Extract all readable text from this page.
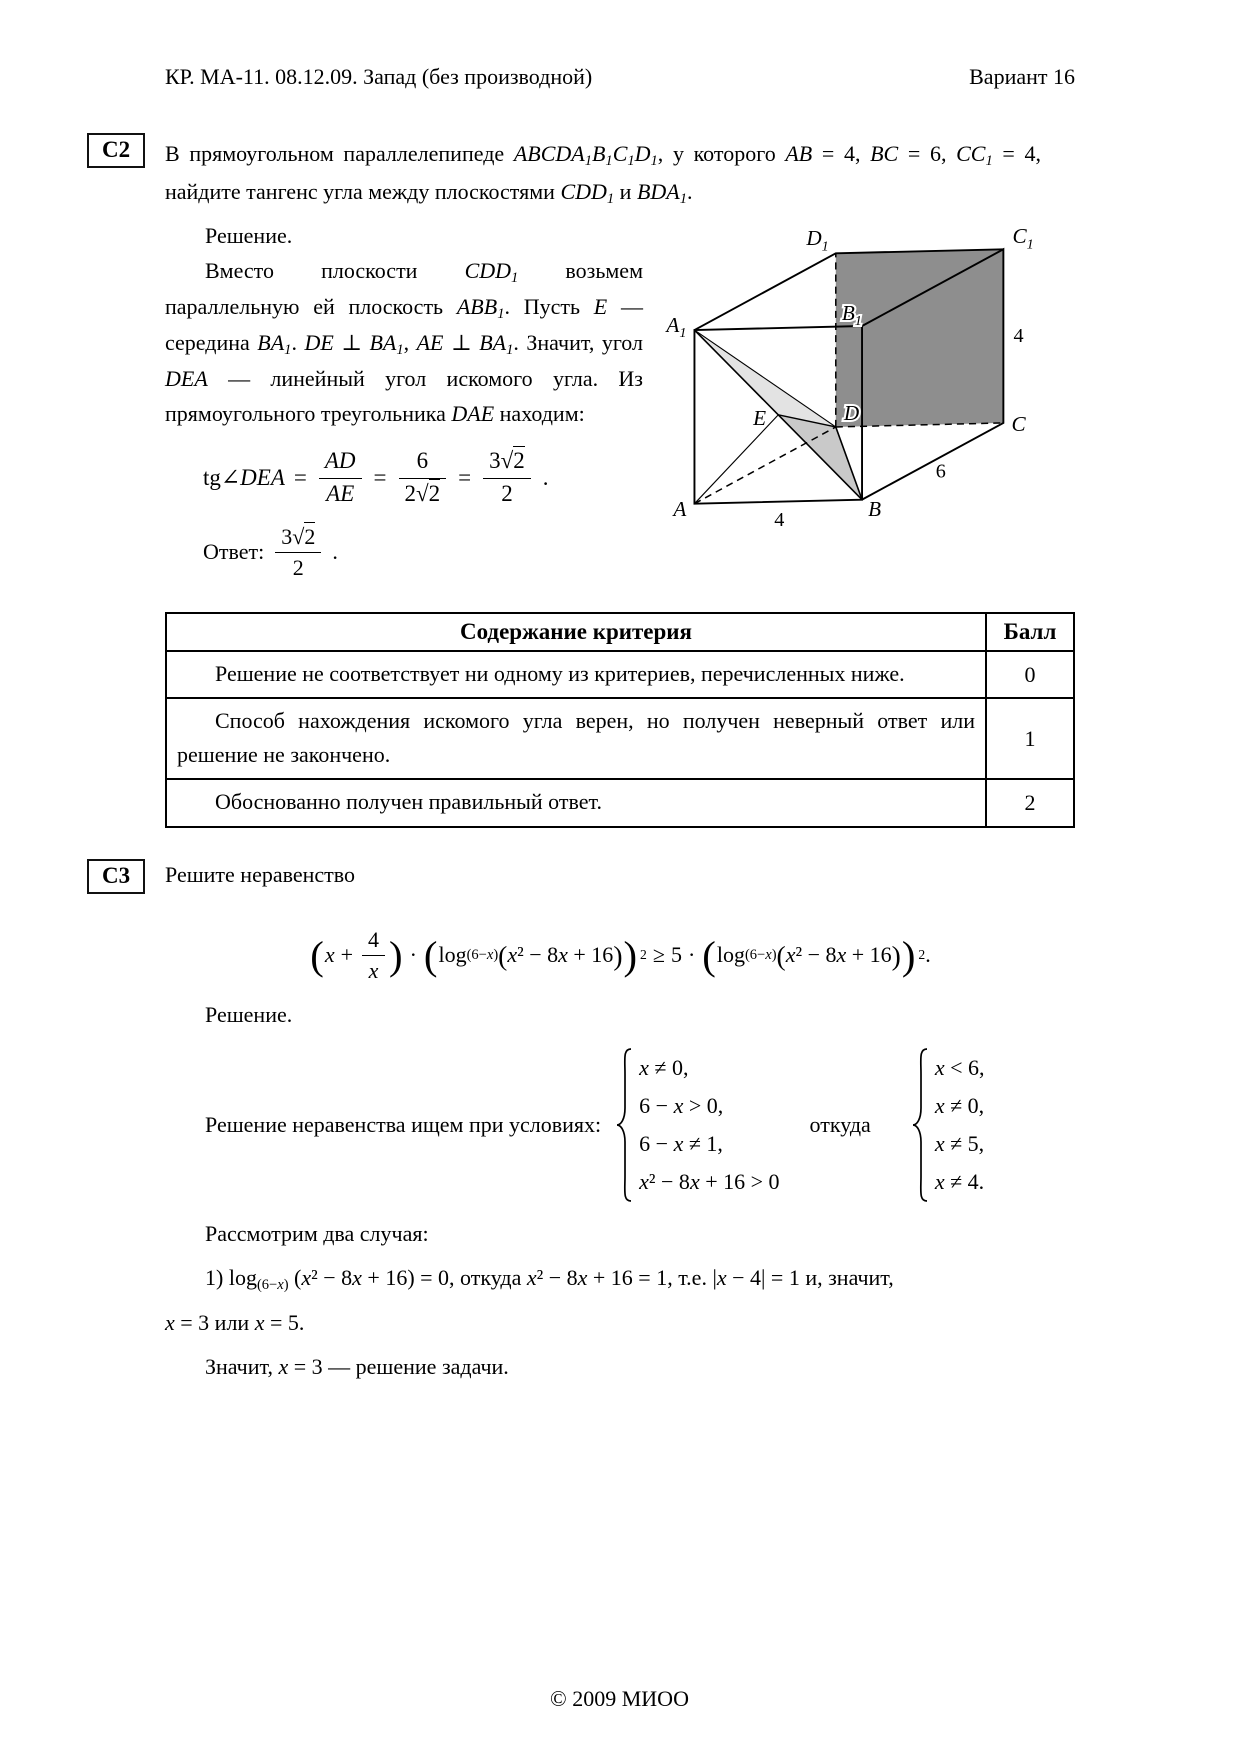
КР. МА-11. 08.12.09. Запад (без производной)	Вариант 16
С2	В прямоугольном параллелепипеде ABCDA1B1C1D1, у которого AB = 4, BC = 6, CC1 = 4, найдите тангенс угла между плоскостями CDD1 и BDA1.

Решение.

Вместо плоскости CDD1 возьмем параллельную ей плоскость ABB1. Пусть E — середина BA1. DE ⊥ BA1, AE ⊥ BA1. Значит, угол DEA — линейный угол искомого угла. Из прямоугольного треугольника DAE находим:

tg∠DEA = $\frac{AD}{AE} = \frac{6}{2√2} = \frac{3√2}{2}$ .
Ответ: $\frac{3√2}{2}$ .
$D_1$	$C_1$
$A_1$
$B_1$
E	D	C
A	B
4
6
4
Содержание критерия	Балл
Решение не соответствует ни одному из критериев, перечисленных ниже.	0
Способ нахождения искомого угла верен, но получен неверный ответ или решение не закончено.	1
Обоснованно получен правильный ответ.	2
С3	Решите неравенство
( $x + \frac{4}{x}$ ) · ( log (6−x) ( x² − 8x + 16 ) ) 2 ≥ 5 · ( log (6−x) ( x² − 8x + 16 ) ) 2 .

Решение.

Решение неравенства ищем при условиях:
x ≠ 0,
6 − x > 0,
6 − x ≠ 1,
x² − 8x + 16 > 0
откуда
x < 6,
x ≠ 0,
x ≠ 5,
x ≠ 4.

Рассмотрим два случая:

1) log(6−x) (x² − 8x + 16) = 0, откуда x² − 8x + 16 = 1, т.е. |x − 4| = 1 и, значит,

x = 3 или x = 5.

Значит, x = 3 — решение задачи.

© 2009 МИОО
